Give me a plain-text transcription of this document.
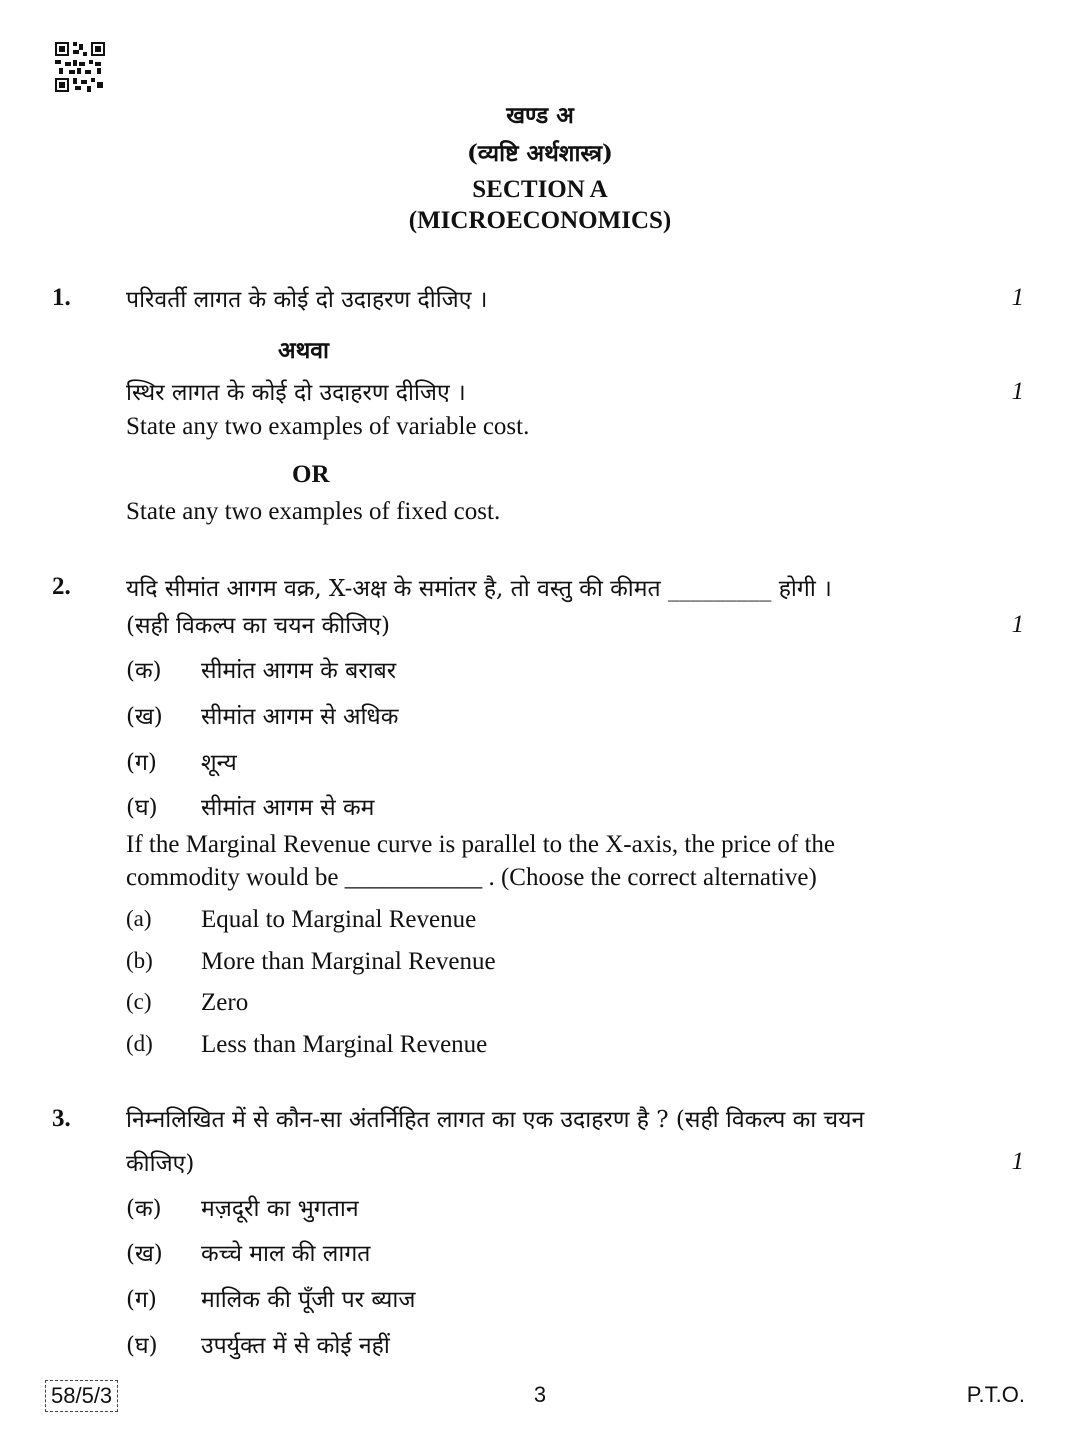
खण्ड अ
(व्यष्टि अर्थशास्त्र)
SECTION A
(MICROECONOMICS)
1. परिवर्ती लागत के कोई दो उदाहरण दीजिए ।	1
अथवा
स्थिर लागत के कोई दो उदाहरण दीजिए ।	1
State any two examples of variable cost.
OR
State any two examples of fixed cost.
2. यदि सीमांत आगम वक्र, X-अक्ष के समांतर है, तो वस्तु की कीमत _________ होगी ।
(सही विकल्प का चयन कीजिए)	1
(क) सीमांत आगम के बराबर
(ख) सीमांत आगम से अधिक
(ग) शून्य
(घ) सीमांत आगम से कम
If the Marginal Revenue curve is parallel to the X-axis, the price of the
commodity would be ___________ . (Choose the correct alternative)
(a) Equal to Marginal Revenue
(b) More than Marginal Revenue
(c) Zero
(d) Less than Marginal Revenue
3. निम्नलिखित में से कौन-सा अंतर्निहित लागत का एक उदाहरण है ? (सही विकल्प का चयन
कीजिए)	1
(क) मज़दूरी का भुगतान
(ख) कच्चे माल की लागत
(ग) मालिक की पूँजी पर ब्याज
(घ) उपर्युक्त में से कोई नहीं
58/5/3	3	P.T.O.
